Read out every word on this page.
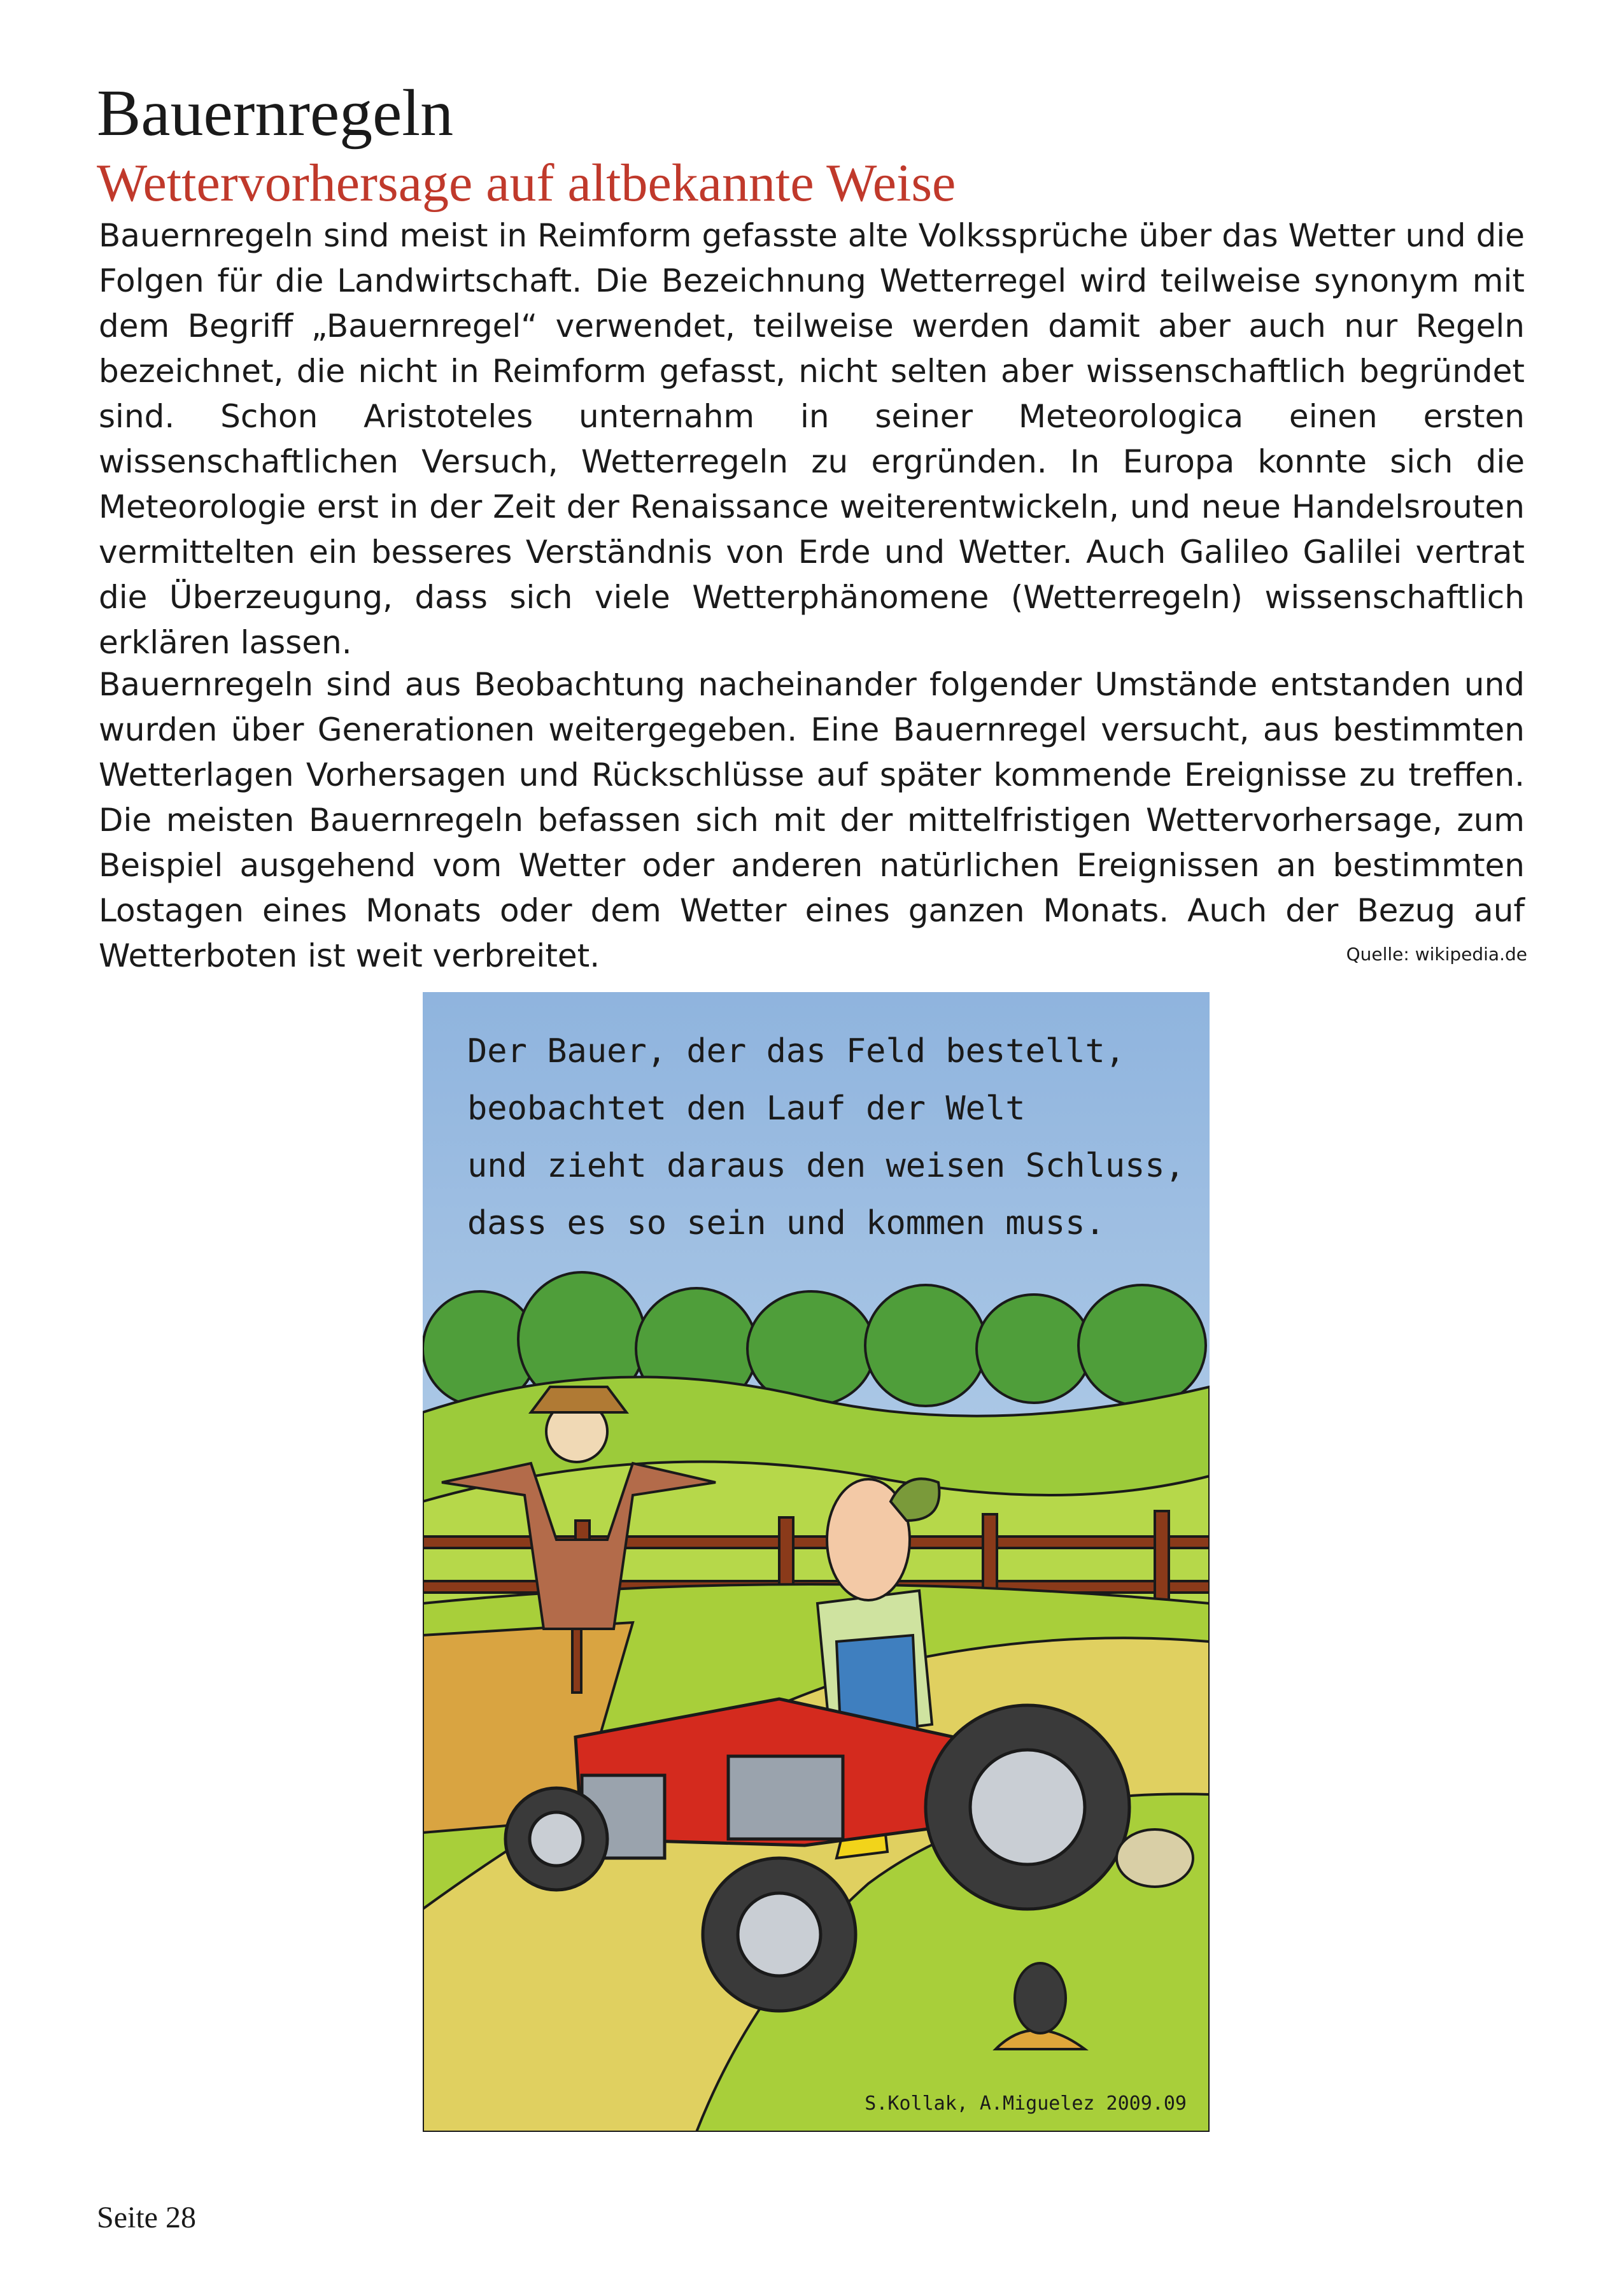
Bauernregeln
Wettervorhersage auf altbekannte Weise

Bauernregeln sind meist in Reimform gefasste alte Volkssprüche über das Wetter und die Folgen für die Landwirtschaft. Die Bezeichnung Wetterregel wird teilweise synonym mit dem Begriff „Bauernregel“ verwendet, teilweise werden damit aber auch nur Regeln bezeichnet, die nicht in Reimform gefasst, nicht selten aber wissenschaftlich begründet sind. Schon Aristoteles unternahm in seiner Meteorologica einen ersten wissenschaftlichen Versuch, Wetterregeln zu ergründen. In Europa konnte sich die Meteorologie erst in der Zeit der Renaissance weiterentwickeln, und neue Handelsrouten vermittelten ein besseres Verständnis von Erde und Wetter. Auch Galileo Galilei vertrat die Überzeugung, dass sich viele Wetterphänomene (Wetterregeln) wissenschaftlich erklären lassen.

Bauernregeln sind aus Beobachtung nacheinander folgender Umstände entstanden und wurden über Generationen weitergegeben. Eine Bauernregel versucht, aus bestimmten Wetterlagen Vorhersagen und Rückschlüsse auf später kommende Ereignisse zu treffen. Die meisten Bauernregeln befassen sich mit der mittelfristigen Wettervorhersage, zum Beispiel ausgehend vom Wetter oder anderen natürlichen Ereignissen an bestimmten Lostagen eines Monats oder dem Wetter eines ganzen Monats. Auch der Bezug auf Wetterboten ist weit verbreitet.	Quelle: wikipedia.de
Der Bauer, der das Feld bestellt,
beobachtet den Lauf der Welt
und zieht daraus den weisen Schluss,
dass es so sein und kommen muss.
S.Kollak, A.Miguelez 2009.09
Seite 28
